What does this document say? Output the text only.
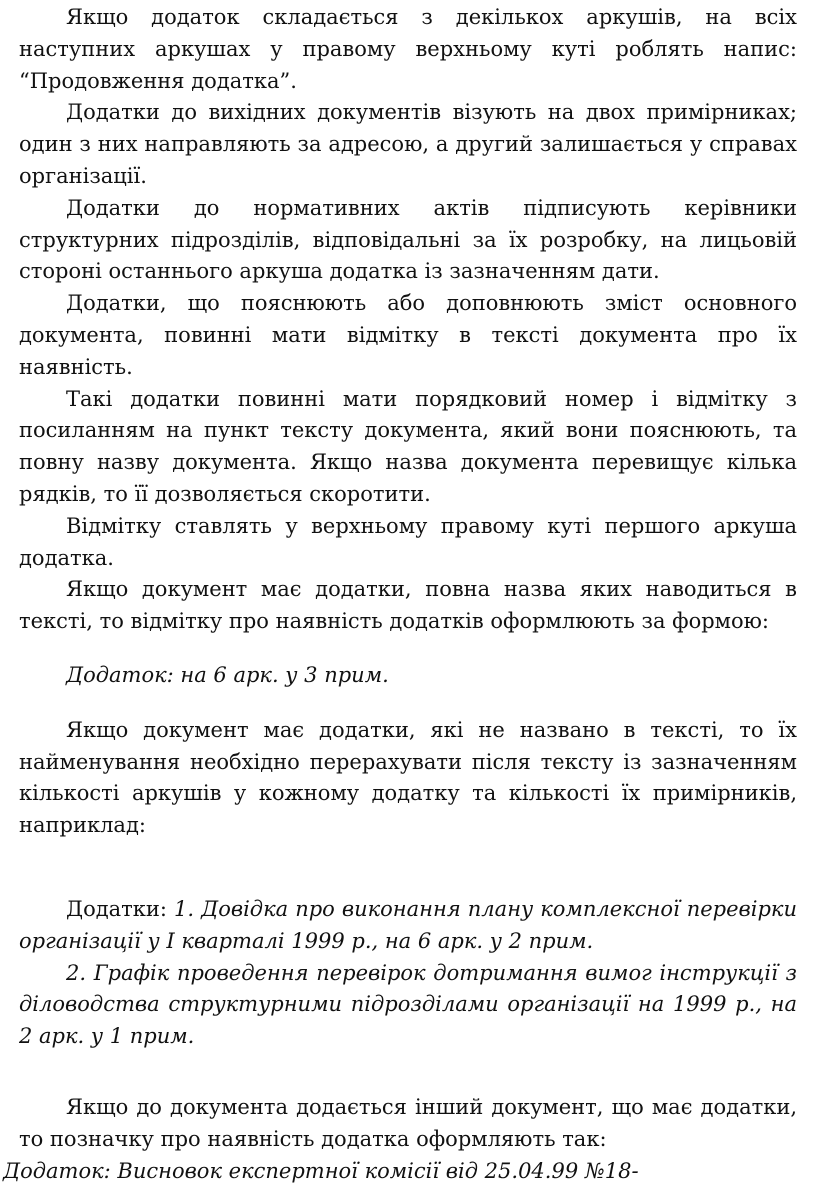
Якщо додаток складається з декількох аркушів, на всіх наступних аркушах у правому верхньому куті роблять напис: “Продовження додатка”.

Додатки до вихідних документів візують на двох примірниках; один з них направляють за адресою, а другий залишається у справах організації.

Додатки до нормативних актів підписують керівники структурних підрозділів, відповідальні за їх розробку, на лицьовій стороні останнього аркуша додатка із зазначенням дати.

Додатки, що пояснюють або доповнюють зміст основного документа, повинні мати відмітку в тексті документа про їх наявність.

Такі додатки повинні мати порядковий номер і відмітку з посиланням на пункт тексту документа, який вони пояснюють, та повну назву документа. Якщо назва документа перевищує кілька рядків, то її дозволяється скоротити.

Відмітку ставлять у верхньому правому куті першого аркуша додатка.

Якщо документ має додатки, повна назва яких наводиться в тексті, то відмітку про наявність додатків оформлюють за формою:

Додаток: на 6 арк. у 3 прим.

Якщо документ має додатки, які не названо в тексті, то їх найменування необхідно перерахувати після тексту із зазначенням кількості аркушів у кожному додатку та кількості їх примірників, наприклад:

Додатки: 1. Довідка про виконання плану комплексної перевірки організації у I кварталі 1999 р., на 6 арк. у 2 прим.

2. Графік проведення перевірок дотримання вимог інструкції з діловодства структурними підрозділами організації на 1999 р., на 2 арк. у 1 прим.

Якщо до документа додається інший документ, що має додатки, то позначку про наявність додатка оформляють так:

Додаток: Висновок експертної комісії від 25.04.99 №18-
